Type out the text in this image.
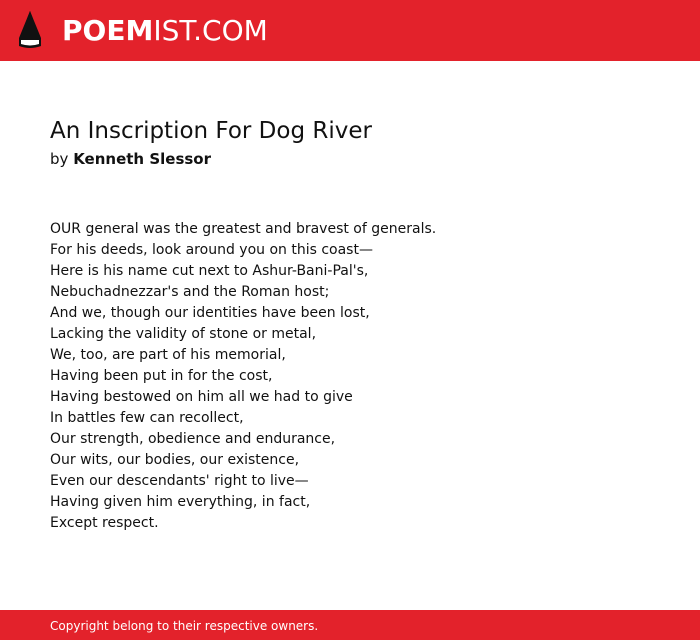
POEMIST.COM
An Inscription For Dog River
by Kenneth Slessor
OUR general was the greatest and bravest of generals.
For his deeds, look around you on this coast—
Here is his name cut next to Ashur-Bani-Pal's,
Nebuchadnezzar's and the Roman host;
And we, though our identities have been lost,
Lacking the validity of stone or metal,
We, too, are part of his memorial,
Having been put in for the cost,
Having bestowed on him all we had to give
In battles few can recollect,
Our strength, obedience and endurance,
Our wits, our bodies, our existence,
Even our descendants' right to live—
Having given him everything, in fact,
Except respect.
Copyright belong to their respective owners.
